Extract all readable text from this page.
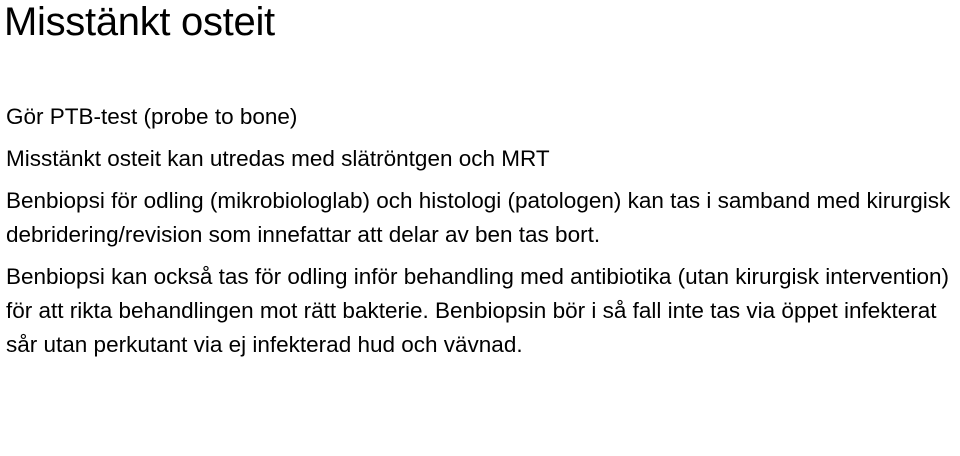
Misstänkt osteit

Gör PTB-test (probe to bone)

Misstänkt osteit kan utredas med slätröntgen och MRT

Benbiopsi för odling (mikrobiologlab) och histologi (patologen) kan tas i samband med kirurgisk debridering/revision som innefattar att delar av ben tas bort.

Benbiopsi kan också tas för odling inför behandling med antibiotika (utan kirurgisk intervention) för att rikta behandlingen mot rätt bakterie. Benbiopsin bör i så fall inte tas via öppet infekterat sår utan perkutant via ej infekterad hud och vävnad.
